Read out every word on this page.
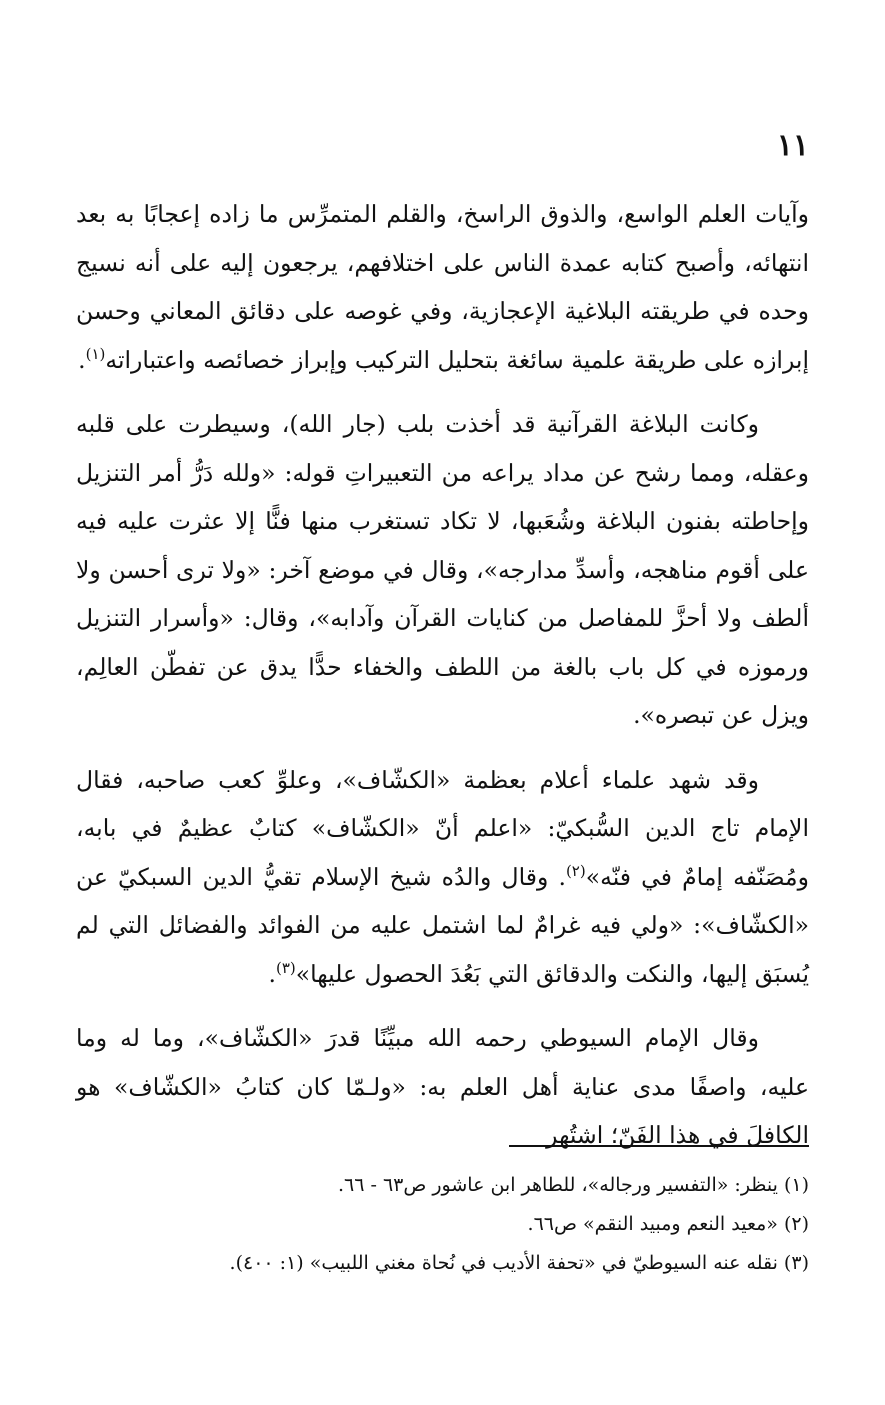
١١

وآيات العلم الواسع، والذوق الراسخ، والقلم المتمرِّس ما زاده إعجابًا به بعد انتهائه، وأصبح كتابه عمدة الناس على اختلافهم، يرجعون إليه على أنه نسيج وحده في طريقته البلاغية الإعجازية، وفي غوصه على دقائق المعاني وحسن إبرازه على طريقة علمية سائغة بتحليل التركيب وإبراز خصائصه واعتباراته$^{(١)}$.

وكانت البلاغة القرآنية قد أخذت بلب (جار الله)، وسيطرت على قلبه وعقله، ومما رشح عن مداد يراعه من التعبيراتِ قوله: «ولله دَرُّ أمر التنزيل وإحاطته بفنون البلاغة وشُعَبها، لا تكاد تستغرب منها فنًّا إلا عثرت عليه فيه على أقوم مناهجه، وأسدِّ مدارجه»، وقال في موضع آخر: «ولا ترى أحسن ولا ألطف ولا أحزَّ للمفاصل من كنايات القرآن وآدابه»، وقال: «وأسرار التنزيل ورموزه في كل باب بالغة من اللطف والخفاء حدًّا يدق عن تفطّن العالِم، ويزل عن تبصره».

وقد شهد علماء أعلام بعظمة «الكشّاف»، وعلوِّ كعب صاحبه، فقال الإمام تاج الدين السُّبكيّ: «اعلم أنّ «الكشّاف» كتابٌ عظيمٌ في بابه، ومُصَنّفه إمامٌ في فنّه»$^{(٢)}$. وقال والدُه شيخ الإسلام تقيُّ الدين السبكيّ عن «الكشّاف»: «ولي فيه غرامٌ لما اشتمل عليه من الفوائد والفضائل التي لم يُسبَق إليها، والنكت والدقائق التي بَعُدَ الحصول عليها»$^{(٣)}$.

وقال الإمام السيوطي رحمه الله مبيِّنًا قدرَ «الكشّاف»، وما له وما عليه، واصفًا مدى عناية أهل العلم به: «ولـمّا كان كتابُ «الكشّاف» هو الكافلَ في هذا الفَنّ؛ اشتُهر

(١) ينظر: «التفسير ورجاله»، للطاهر ابن عاشور ص٦٣ - ٦٦.

(٢) «معيد النعم ومبيد النقم» ص٦٦.

(٣) نقله عنه السيوطيّ في «تحفة الأديب في نُحاة مغني اللبيب» (١: ٤٠٠).
